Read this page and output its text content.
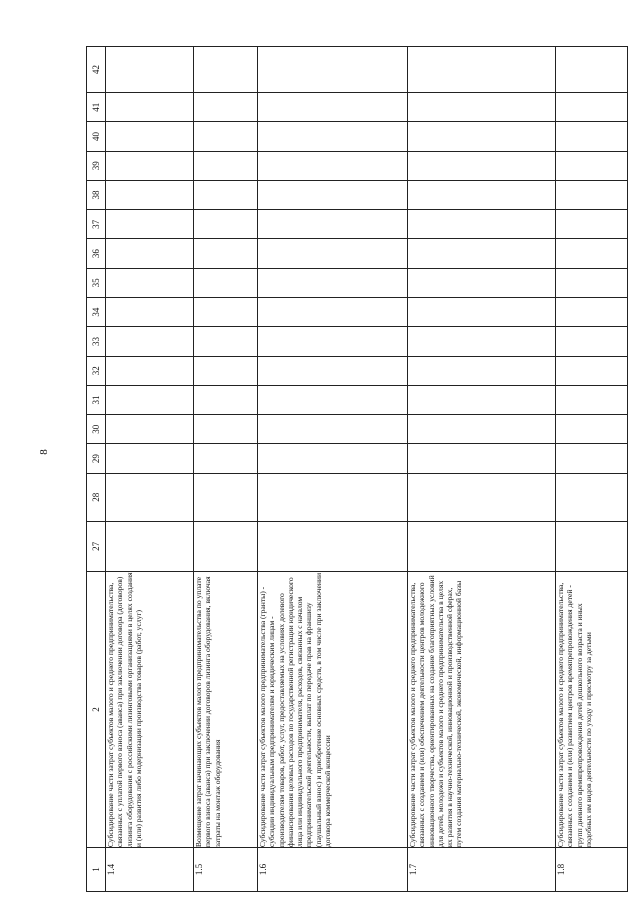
8
1	2	27	28	29	30	31	32	33	34	35	36	37	38	39	40	41	42
1.4	Субсидирование части затрат субъектов малого и среднего предпринимательства, связанных с уплатой первого взноса (аванса) при заключении договора (договоров) лизинга оборудования с российскими лизинговыми организациями в целях создания и (или) развития либо модернизации производства товаров (работ, услуг)																
1.5	Возмещение затрат начинающих субъектов малого предпринимательства по уплате первого взноса (аванса) при заключении договоров лизинга оборудования, включая затраты на монтаж оборудования																
1.6	Субсидирование части затрат субъектов малого предпринимательства (гранты) - субсидии индивидуальным предпринимателям и юридическим лицам - производителям товаров, работ, услуг, предоставляемых на условиях долевого финансирования целевых расходов по государственной регистрации юридического лица или индивидуального предпринимателя, расходов, связанных с началом предпринимательской деятельности, выплат по передаче прав на франшизу (паушальный взнос) и приобретение основных средств, в том числе при заключении договора коммерческой концессии																
1.7	Субсидирование части затрат субъектов малого и среднего предпринимательства, связанных с созданием и (или) обеспечением деятельности центров молодежного инновационного творчества, ориентированных на создание благоприятных условий для детей, молодежи и субъектов малого и среднего предпринимательства в целях их развития в научно-технической, инновационной и производственной сферах, путем создания материально-технической, экономической, информационной базы																
1.8	Субсидирование части затрат субъектов малого и среднего предпринимательства, связанных с созданием и (или) развитием центров времяпрепровождения детей - групп дневного времяпрепровождения детей дошкольного возраста и иных подобных им видов деятельности по уходу и присмотру за детьми																
